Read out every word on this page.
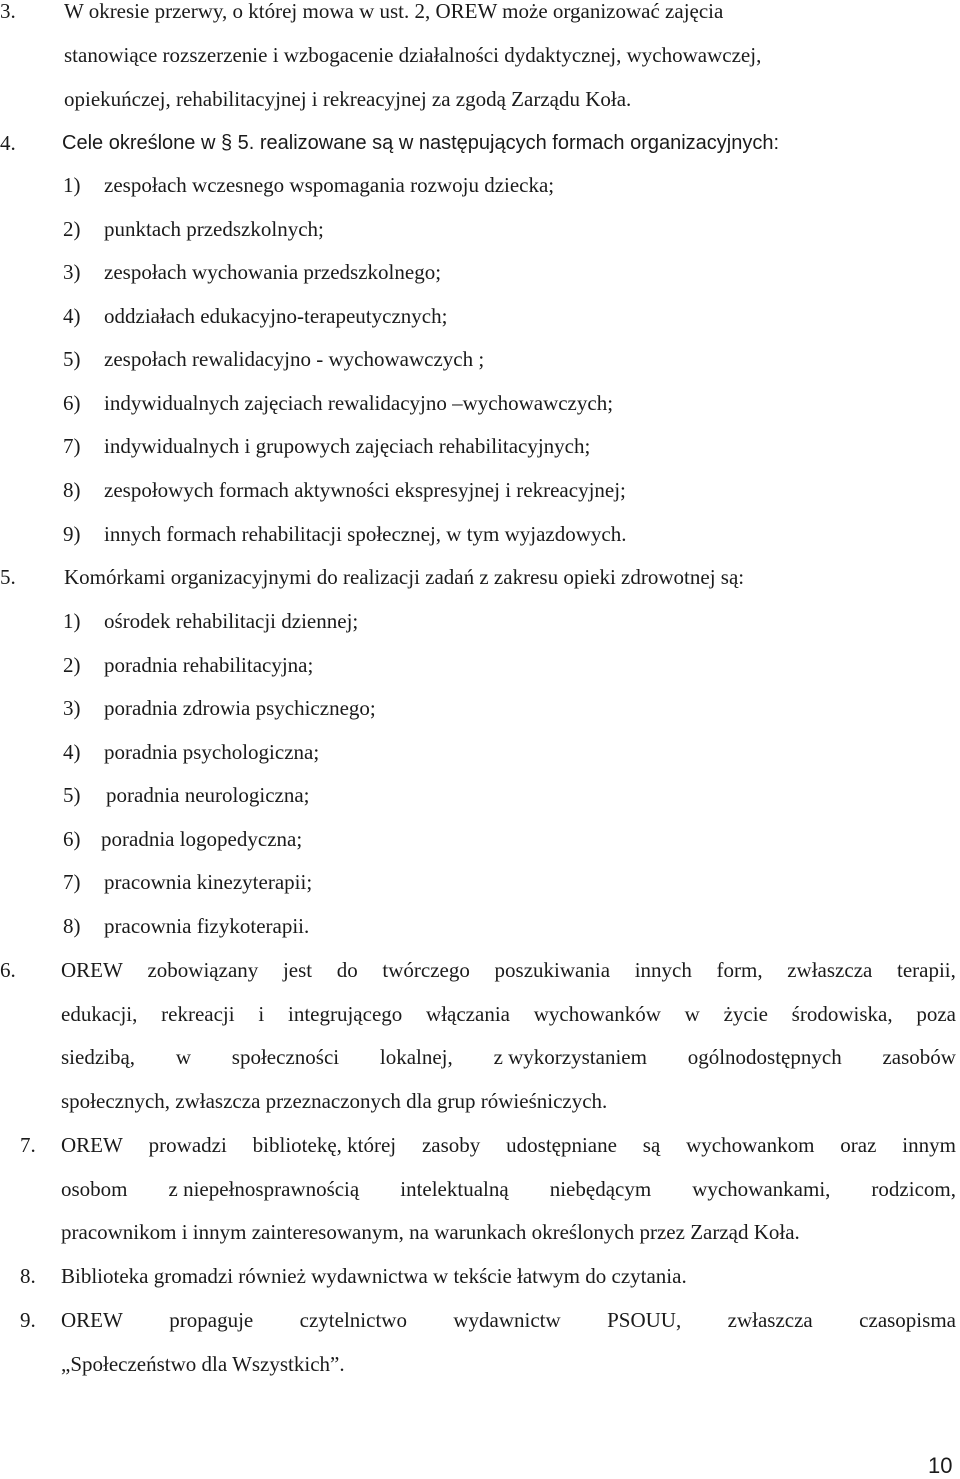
3. W okresie przerwy, o której mowa w ust. 2, OREW może organizować zajęcia
stanowiące rozszerzenie i wzbogacenie działalności dydaktycznej, wychowawczej,
opiekuńczej, rehabilitacyjnej i rekreacyjnej za zgodą Zarządu Koła.
4. Cele określone w § 5. realizowane są w następujących formach organizacyjnych:
1) zespołach wczesnego wspomagania rozwoju dziecka;
2) punktach przedszkolnych;
3) zespołach wychowania przedszkolnego;
4) oddziałach edukacyjno-terapeutycznych;
5) zespołach rewalidacyjno - wychowawczych ;
6) indywidualnych zajęciach rewalidacyjno –wychowawczych;
7) indywidualnych i grupowych zajęciach rehabilitacyjnych;
8) zespołowych formach aktywności ekspresyjnej i rekreacyjnej;
9) innych formach rehabilitacji społecznej, w tym wyjazdowych.
5. Komórkami organizacyjnymi do realizacji zadań z zakresu opieki zdrowotnej są:
1) ośrodek rehabilitacji dziennej;
2) poradnia rehabilitacyjna;
3) poradnia zdrowia psychicznego;
4) poradnia psychologiczna;
5) poradnia neurologiczna;
6) poradnia logopedyczna;
7) pracownia kinezyterapii;
8) pracownia fizykoterapii.
6. OREW zobowiązany jest do twórczego poszukiwania innych form, zwłaszcza terapii,
edukacji, rekreacji i integrującego włączania wychowanków w życie środowiska, poza
siedzibą, w społeczności lokalnej, z wykorzystaniem ogólnodostępnych zasobów
społecznych, zwłaszcza przeznaczonych dla grup rówieśniczych.
7. OREW prowadzi bibliotekę, której zasoby udostępniane są wychowankom oraz innym
osobom z niepełnosprawnością intelektualną niebędącym wychowankami, rodzicom,
pracownikom i innym zainteresowanym, na warunkach określonych przez Zarząd Koła.
8. Biblioteka gromadzi również wydawnictwa w tekście łatwym do czytania.
9. OREW propaguje czytelnictwo wydawnictw PSOUU, zwłaszcza czasopisma
„Społeczeństwo dla Wszystkich”.
10
